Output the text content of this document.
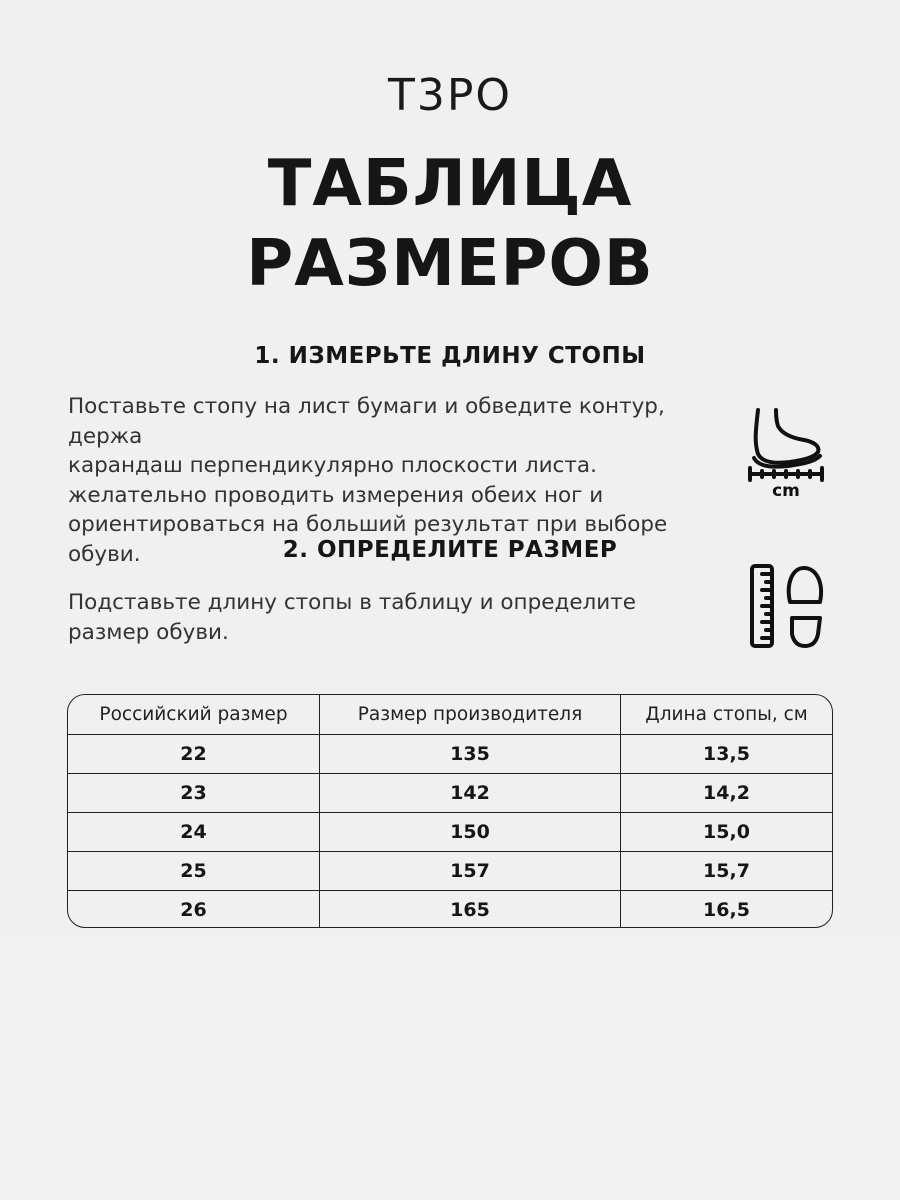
T3PO
ТАБЛИЦА
РАЗМЕРОВ
1. ИЗМЕРЬТЕ ДЛИНУ СТОПЫ
Поставьте стопу на лист бумаги и обведите контур, держа
карандаш перпендикулярно плоскости листа.
желательно проводить измерения обеих ног и
ориентироваться на больший результат при выборе
обуви.
cm
2. ОПРЕДЕЛИТЕ РАЗМЕР
Подставьте длину стопы в таблицу и определите
размер обуви.
Российский размер	Размер производителя	Длина стопы, см
22	135	13,5
23	142	14,2
24	150	15,0
25	157	15,7
26	165	16,5
